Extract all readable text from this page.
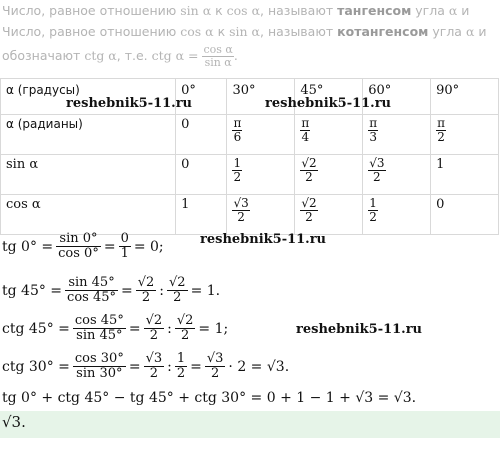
Число, равное отношению sin α к cos α, называют тангенсом угла α и
Число, равное отношению cos α к sin α, называют котангенсом угла α и
обозначают ctg α, т.е. ctg $\alpha = \frac{\text{cos α}}{\text{sin α}}$ .
α (градусы)	0°	30°	45°	60°	90°
α (радианы)	0	$\frac{\pi}{6}$	$\frac{\pi}{4}$	$\frac{\pi}{3}$	$\frac{\pi}{2}$

sin α	0	$\frac{1}{2}$	$\frac{√2}{2}$	$\frac{√3}{2}$	1
cos α	1	$\frac{√3}{2}$	$\frac{√2}{2}$	$\frac{1}{2}$	0
reshebnik5-11.ru	reshebnik5-11.ru
reshebnik5-11.ru
reshebnik5-11.ru
tg $0^\circ = \frac{\sin 0^\circ}{\cos 0^\circ} = \frac{0}{1} = 0$;
tg $45^\circ = \frac{\sin 45^\circ}{\cos 45^\circ} = \frac{√2}{2}$ : $\frac{√2}{2} = 1$.
ctg $45^\circ = \frac{\cos 45^\circ}{\sin 45^\circ} = \frac{√2}{2}$ : $\frac{√2}{2} = 1$;
ctg $30^\circ = \frac{\cos 30^\circ}{\sin 30^\circ} = \frac{√3}{2}$ : $\frac{1}{2} = \frac{√3}{2} \cdot 2 = √3$.
tg 0° + ctg 45° − tg 45° + ctg 30° = 0 + 1 − 1 + √3 = √3.
√3.
